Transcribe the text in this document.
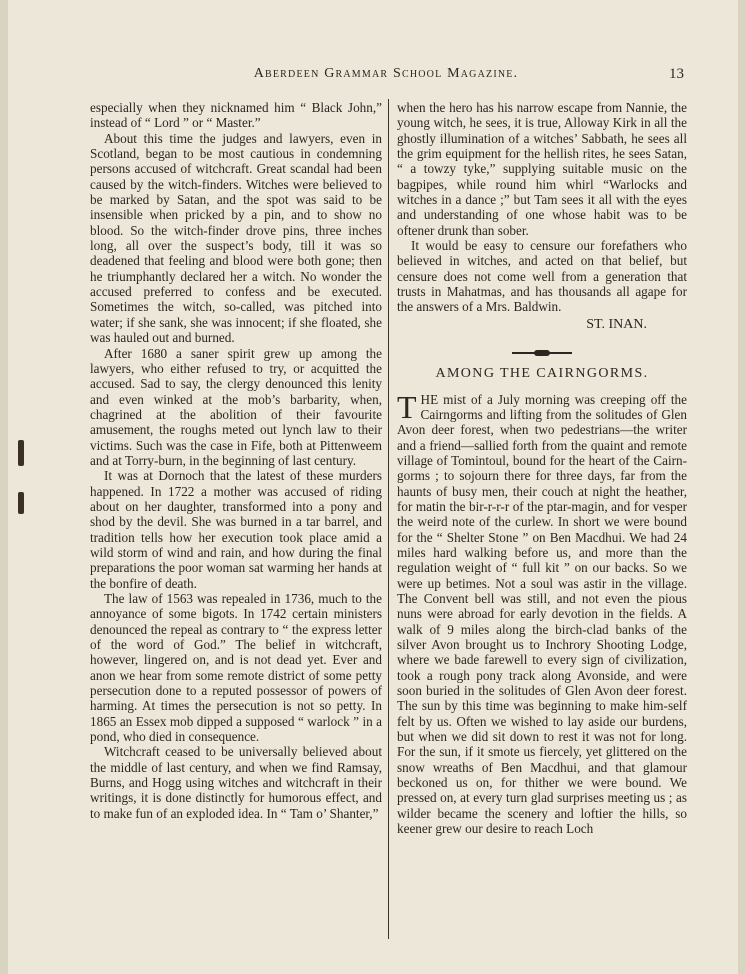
Aberdeen Grammar School Magazine.	13

especially when they nicknamed him “ Black John,” instead of “ Lord ” or “ Master.”

About this time the judges and lawyers, even in Scotland, began to be most cautious in condemning persons accused of witchcraft. Great scandal had been caused by the witch-finders. Witches were believed to be marked by Satan, and the spot was said to be insensible when pricked by a pin, and to show no blood. So the witch-finder drove pins, three inches long, all over the suspect’s body, till it was so deadened that feeling and blood were both gone; then he triumphantly declared her a witch. No wonder the accused preferred to confess and be executed. Sometimes the witch, so-called, was pitched into water; if she sank, she was innocent; if she floated, she was hauled out and burned.

After 1680 a saner spirit grew up among the lawyers, who either refused to try, or acquitted the accused. Sad to say, the clergy denounced this lenity and even winked at the mob’s barbarity, when, chagrined at the abolition of their favourite amusement, the roughs meted out lynch law to their victims. Such was the case in Fife, both at Pittenweem and at Torry-burn, in the beginning of last century.

It was at Dornoch that the latest of these murders happened. In 1722 a mother was accused of riding about on her daughter, transformed into a pony and shod by the devil. She was burned in a tar barrel, and tradition tells how her execution took place amid a wild storm of wind and rain, and how during the final preparations the poor woman sat warming her hands at the bonfire of death.

The law of 1563 was repealed in 1736, much to the annoyance of some bigots. In 1742 certain ministers denounced the repeal as contrary to “ the express letter of the word of God.” The belief in witchcraft, however, lingered on, and is not dead yet. Ever and anon we hear from some remote district of some petty persecution done to a reputed possessor of powers of harming. At times the persecution is not so petty. In 1865 an Essex mob dipped a supposed “ warlock ” in a pond, who died in consequence.

Witchcraft ceased to be universally believed about the middle of last century, and when we find Ramsay, Burns, and Hogg using witches and witchcraft in their writings, it is done distinctly for humorous effect, and to make fun of an exploded idea. In “ Tam o’ Shanter,”

when the hero has his narrow escape from Nannie, the young witch, he sees, it is true, Alloway Kirk in all the ghostly illumination of a witches’ Sabbath, he sees all the grim equipment for the hellish rites, he sees Satan, “ a towzy tyke,” supplying suitable music on the bagpipes, while round him whirl “Warlocks and witches in a dance ;” but Tam sees it all with the eyes and understanding of one whose habit was to be oftener drunk than sober.

It would be easy to censure our forefathers who believed in witches, and acted on that belief, but censure does not come well from a generation that trusts in Mahatmas, and has thousands all agape for the answers of a Mrs. Baldwin.

ST. INAN.
AMONG THE CAIRNGORMS.

THE mist of a July morning was creeping off the Cairngorms and lifting from the solitudes of Glen Avon deer forest, when two pedestrians—the writer and a friend—sallied forth from the quaint and remote village of Tomintoul, bound for the heart of the Cairn-gorms ; to sojourn there for three days, far from the haunts of busy men, their couch at night the heather, for matin the bir-r-r-r of the ptar-magin, and for vesper the weird note of the curlew. In short we were bound for the “ Shelter Stone ” on Ben Macdhui. We had 24 miles hard walking before us, and more than the regulation weight of “ full kit ” on our backs. So we were up betimes. Not a soul was astir in the village. The Convent bell was still, and not even the pious nuns were abroad for early devotion in the fields. A walk of 9 miles along the birch-clad banks of the silver Avon brought us to Inchrory Shooting Lodge, where we bade farewell to every sign of civilization, took a rough pony track along Avonside, and were soon buried in the solitudes of Glen Avon deer forest. The sun by this time was beginning to make him-self felt by us. Often we wished to lay aside our burdens, but when we did sit down to rest it was not for long. For the sun, if it smote us fiercely, yet glittered on the snow wreaths of Ben Macdhui, and that glamour beckoned us on, for thither we were bound. We pressed on, at every turn glad surprises meeting us ; as wilder became the scenery and loftier the hills, so keener grew our desire to reach Loch
